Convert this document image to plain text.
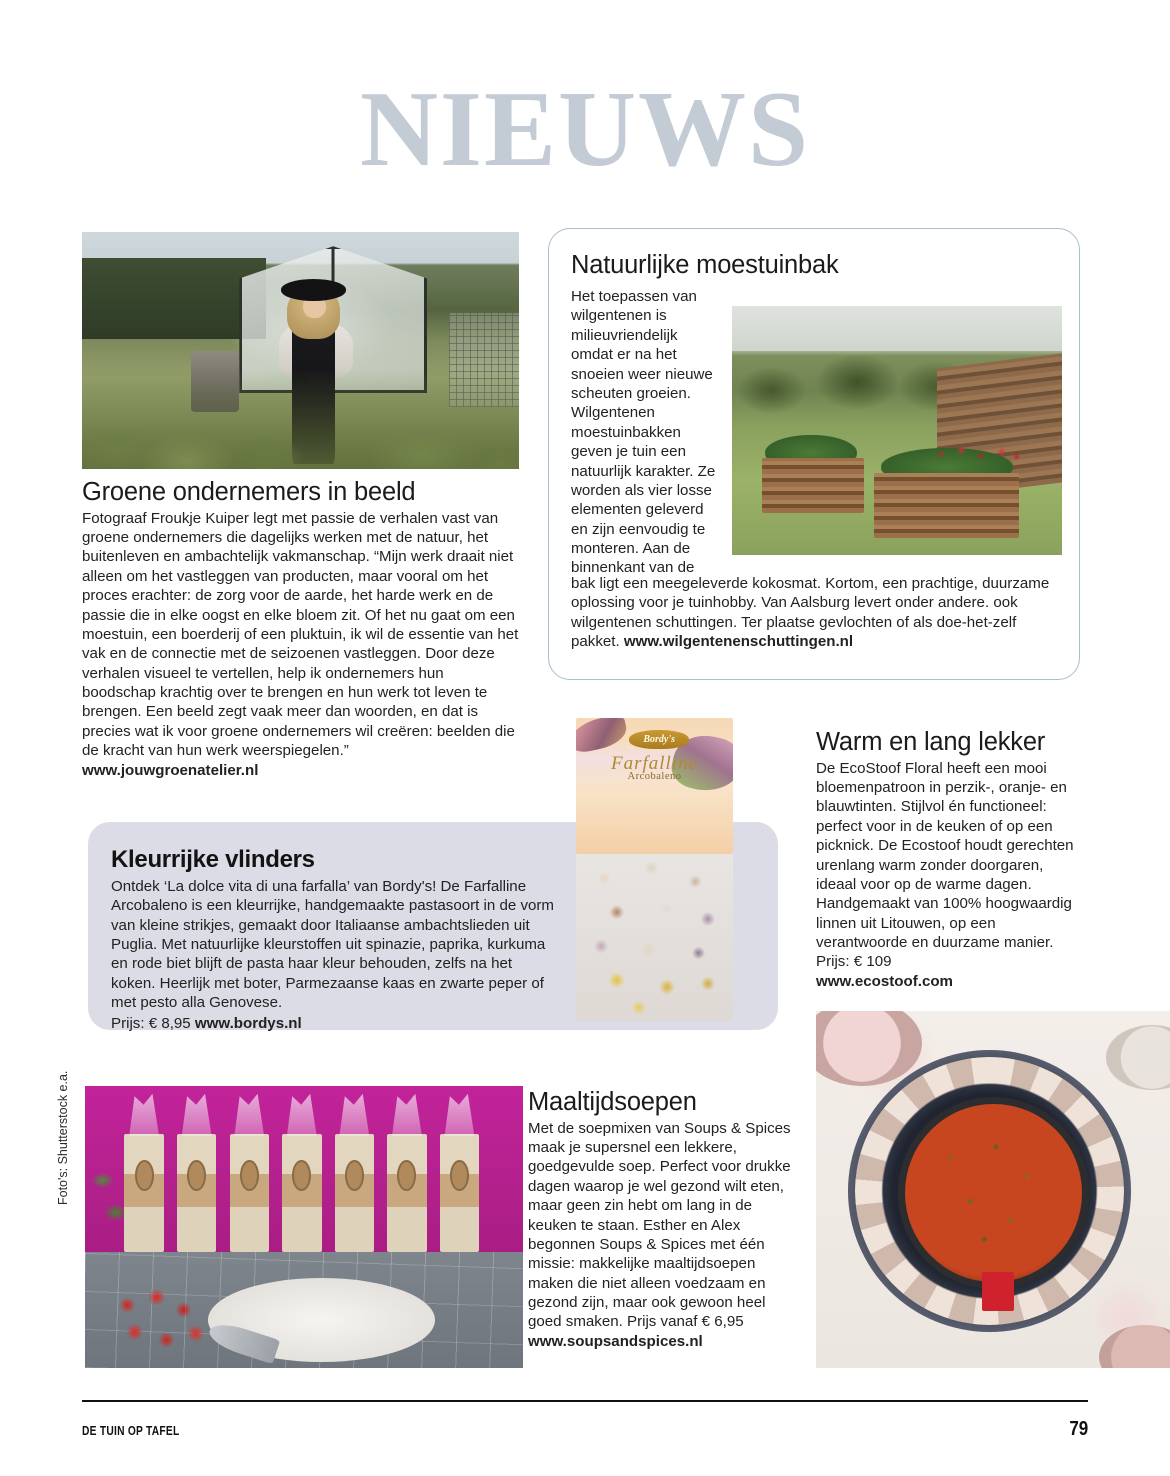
NIEUWS
Groene ondernemers in beeld

Fotograaf Froukje Kuiper legt met passie de verhalen vast van groene ondernemers die dagelijks werken met de natuur, het buitenleven en ambachtelijk vakmanschap. “Mijn werk draait niet alleen om het vastleggen van producten, maar vooral om het proces erachter: de zorg voor de aarde, het harde werk en de passie die in elke oogst en elke bloem zit. Of het nu gaat om een moestuin, een boerderij of een pluktuin, ik wil de essentie van het vak en de connectie met de seizoenen vastleggen. Door deze verhalen visueel te vertellen, help ik ondernemers hun boodschap krachtig over te brengen en hun werk tot leven te brengen. Een beeld zegt vaak meer dan woorden, en dat is precies wat ik voor groene ondernemers wil creëren: beelden die de kracht van hun werk weerspiegelen.” www.jouwgroenatelier.nl

Natuurlijke moestuinbak

Het toepassen van wilgentenen is milieuvriendelijk omdat er na het snoeien weer nieuwe scheuten groeien. Wilgentenen moestuinbakken geven je tuin een natuurlijk karakter. Ze worden als vier losse elementen geleverd en zijn eenvoudig te monteren. Aan de binnenkant van de

bak ligt een meegeleverde kokosmat. Kortom, een prachtige, duurzame oplossing voor je tuinhobby. Van Aalsburg levert onder andere. ook wilgentenen schuttingen. Ter plaatse gevlochten of als doe-het-zelf pakket. www.wilgentenenschuttingen.nl

Kleurrijke vlinders

Ontdek ‘La dolce vita di una farfalla’ van Bordy's! De Farfalline Arcobaleno is een kleurrijke, handgemaakte pastasoort in de vorm van kleine strikjes, gemaakt door Italiaanse ambachtslieden uit Puglia. Met natuurlijke kleurstoffen uit spinazie, paprika, kurkuma en rode biet blijft de pasta haar kleur behouden, zelfs na het koken. Heerlijk met boter, Parmezaanse kaas en zwarte peper of met pesto alla Genovese.

Prijs: € 8,95 www.bordys.nl

Bordy's
Farfalline
Arcobaleno
Warm en lang lekker

De EcoStoof Floral heeft een mooi bloemenpatroon in perzik-, oranje- en blauwtinten. Stijlvol én functioneel: perfect voor in de keuken of op een picknick. De Ecostoof houdt gerechten urenlang warm zonder doorgaren, ideaal voor op de warme dagen. Handgemaakt van 100% hoogwaardig linnen uit Litouwen, op een verantwoorde en duurzame manier.

Prijs: € 109

www.ecostoof.com

Maaltijdsoepen

Met de soepmixen van Soups & Spices maak je supersnel een lekkere, goedgevulde soep. Perfect voor drukke dagen waarop je wel gezond wilt eten, maar geen zin hebt om lang in de keuken te staan. Esther en Alex begonnen Soups & Spices met één missie: makkelijke maaltijdsoepen maken die niet alleen voedzaam en gezond zijn, maar ook gewoon heel goed smaken. Prijs vanaf € 6,95

www.soupsandspices.nl

Foto's: Shutterstock e.a.
DE TUIN OP TAFEL	79
